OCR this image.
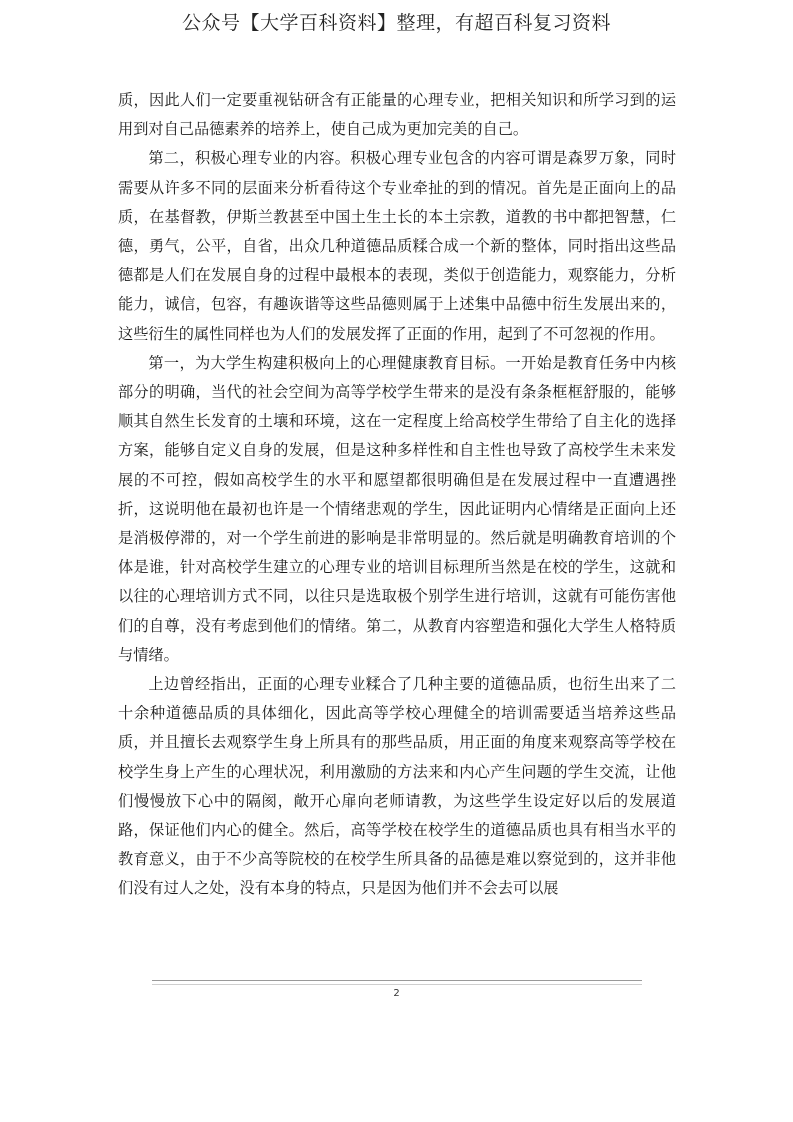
公众号【大学百科资料】整理，有超百科复习资料

质，因此人们一定要重视钻研含有正能量的心理专业，把相关知识和所学习到的运用到对自己品德素养的培养上，使自己成为更加完美的自己。

第二，积极心理专业的内容。积极心理专业包含的内容可谓是森罗万象，同时需要从许多不同的层面来分析看待这个专业牵扯的到的情况。首先是正面向上的品质，在基督教，伊斯兰教甚至中国土生土长的本土宗教，道教的书中都把智慧，仁德，勇气，公平，自省，出众几种道德品质糅合成一个新的整体，同时指出这些品德都是人们在发展自身的过程中最根本的表现，类似于创造能力，观察能力，分析能力，诚信，包容，有趣诙谐等这些品德则属于上述集中品德中衍生发展出来的，这些衍生的属性同样也为人们的发展发挥了正面的作用，起到了不可忽视的作用。

第一，为大学生构建积极向上的心理健康教育目标。一开始是教育任务中内核部分的明确，当代的社会空间为高等学校学生带来的是没有条条框框舒服的，能够顺其自然生长发育的土壤和环境，这在一定程度上给高校学生带给了自主化的选择方案，能够自定义自身的发展，但是这种多样性和自主性也导致了高校学生未来发展的不可控，假如高校学生的水平和愿望都很明确但是在发展过程中一直遭遇挫折，这说明他在最初也许是一个情绪悲观的学生，因此证明内心情绪是正面向上还是消极停滞的，对一个学生前进的影响是非常明显的。然后就是明确教育培训的个体是谁，针对高校学生建立的心理专业的培训目标理所当然是在校的学生，这就和以往的心理培训方式不同，以往只是选取极个别学生进行培训，这就有可能伤害他们的自尊，没有考虑到他们的情绪。第二，从教育内容塑造和强化大学生人格特质与情绪。

上边曾经指出，正面的心理专业糅合了几种主要的道德品质，也衍生出来了二十余种道德品质的具体细化，因此高等学校心理健全的培训需要适当培养这些品质，并且擅长去观察学生身上所具有的那些品质，用正面的角度来观察高等学校在校学生身上产生的心理状况，利用激励的方法来和内心产生问题的学生交流，让他们慢慢放下心中的隔阂，敞开心扉向老师请教，为这些学生设定好以后的发展道路，保证他们内心的健全。然后，高等学校在校学生的道德品质也具有相当水平的教育意义，由于不少高等院校的在校学生所具备的品德是难以察觉到的，这并非他们没有过人之处，没有本身的特点，只是因为他们并不会去可以展

2
